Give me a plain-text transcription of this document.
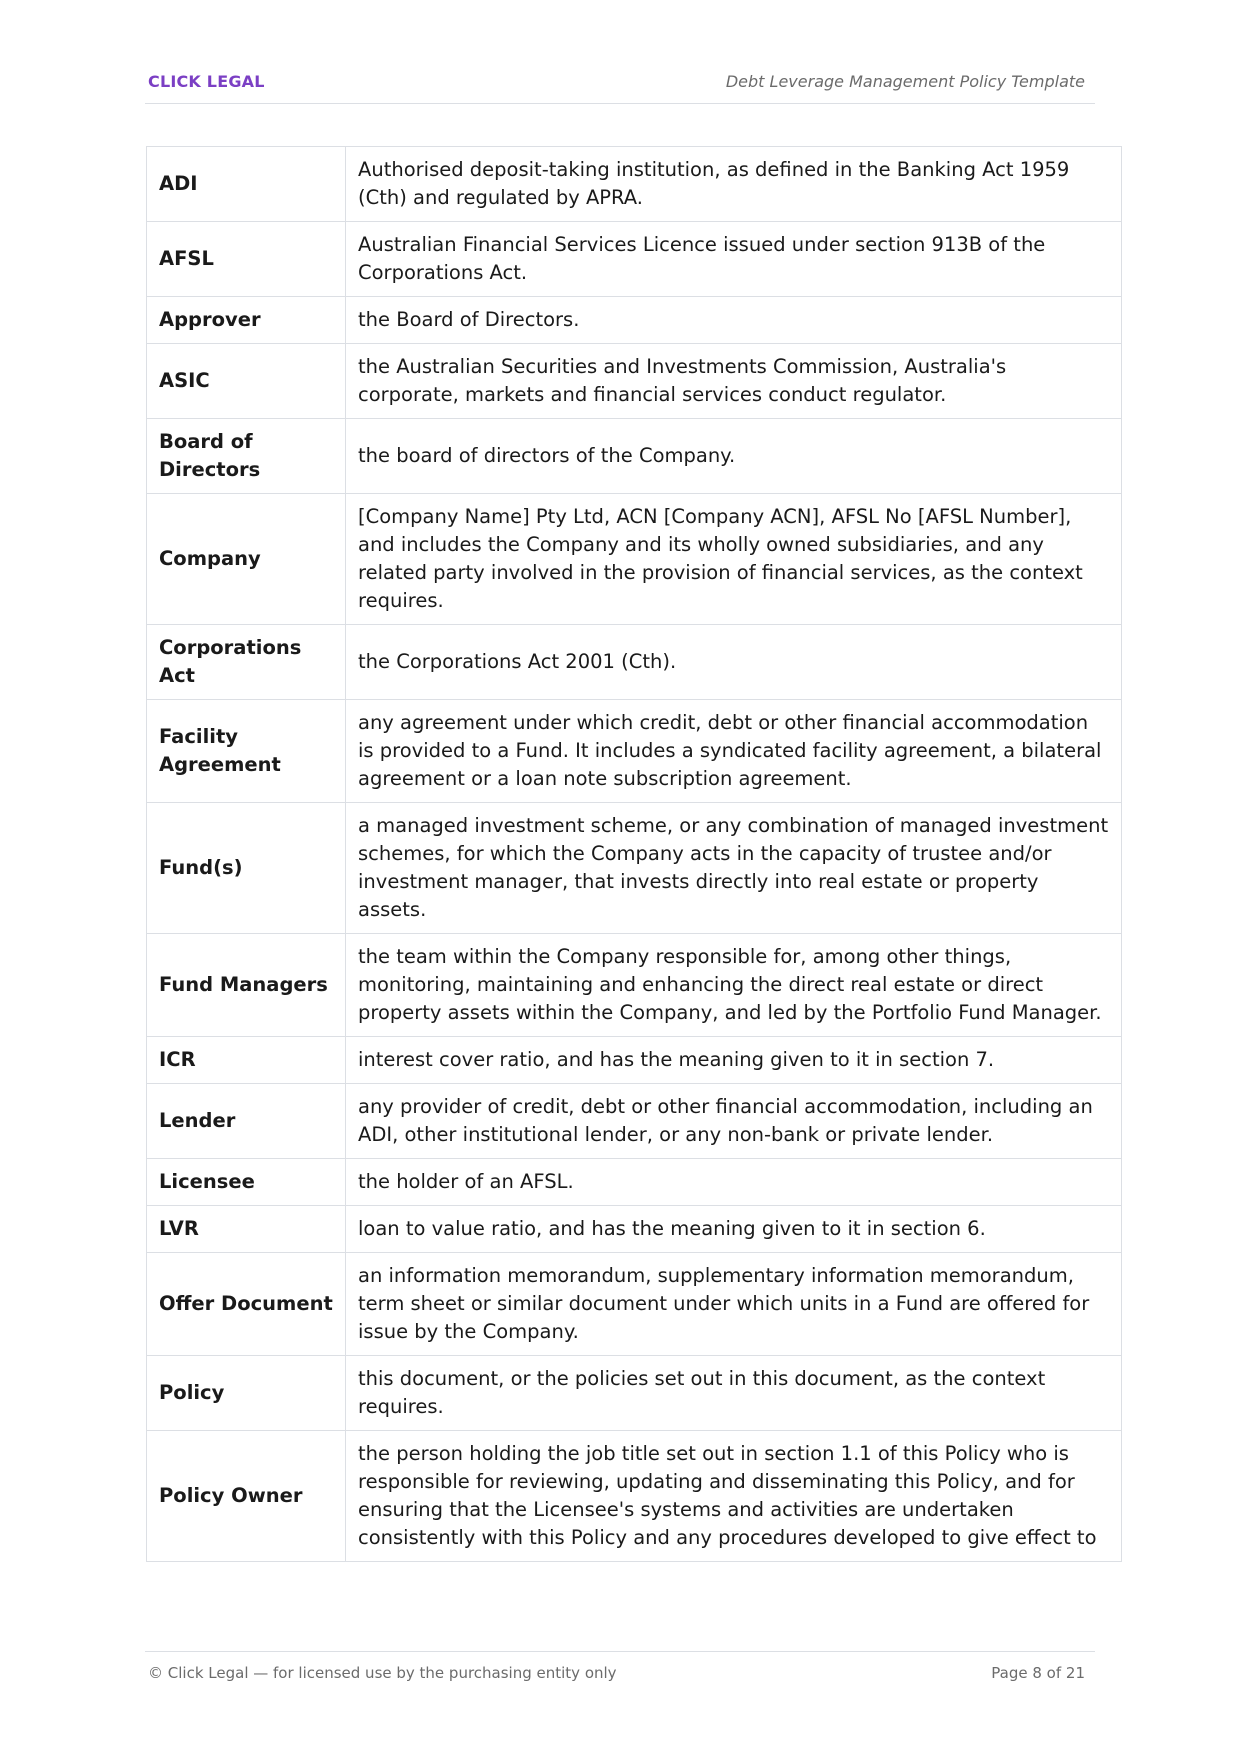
CLICK LEGAL	Debt Leverage Management Policy Template
ADI	Authorised deposit-taking institution, as defined in the Banking Act 1959 (Cth) and regulated by APRA.
AFSL	Australian Financial Services Licence issued under section 913B of the Corporations Act.
Approver	the Board of Directors.
ASIC	the Australian Securities and Investments Commission, Australia's corporate, markets and financial services conduct regulator.
Board of Directors	the board of directors of the Company.
Company	[Company Name] Pty Ltd, ACN [Company ACN], AFSL No [AFSL Number], and includes the Company and its wholly owned subsidiaries, and any related party involved in the provision of financial services, as the context requires.
Corporations Act	the Corporations Act 2001 (Cth).
Facility Agreement	any agreement under which credit, debt or other financial accommodation is provided to a Fund. It includes a syndicated facility agreement, a bilateral agreement or a loan note subscription agreement.
Fund(s)	a managed investment scheme, or any combination of managed investment schemes, for which the Company acts in the capacity of trustee and/or investment manager, that invests directly into real estate or property assets.
Fund Managers	the team within the Company responsible for, among other things, monitoring, maintaining and enhancing the direct real estate or direct property assets within the Company, and led by the Portfolio Fund Manager.
ICR	interest cover ratio, and has the meaning given to it in section 7.
Lender	any provider of credit, debt or other financial accommodation, including an ADI, other institutional lender, or any non-bank or private lender.
Licensee	the holder of an AFSL.
LVR	loan to value ratio, and has the meaning given to it in section 6.
Offer Document	an information memorandum, supplementary information memorandum, term sheet or similar document under which units in a Fund are offered for issue by the Company.
Policy	this document, or the policies set out in this document, as the context requires.
Policy Owner	the person holding the job title set out in section 1.1 of this Policy who is responsible for reviewing, updating and disseminating this Policy, and for ensuring that the Licensee's systems and activities are undertaken consistently with this Policy and any procedures developed to give effect to
© Click Legal — for licensed use by the purchasing entity only	Page 8 of 21
